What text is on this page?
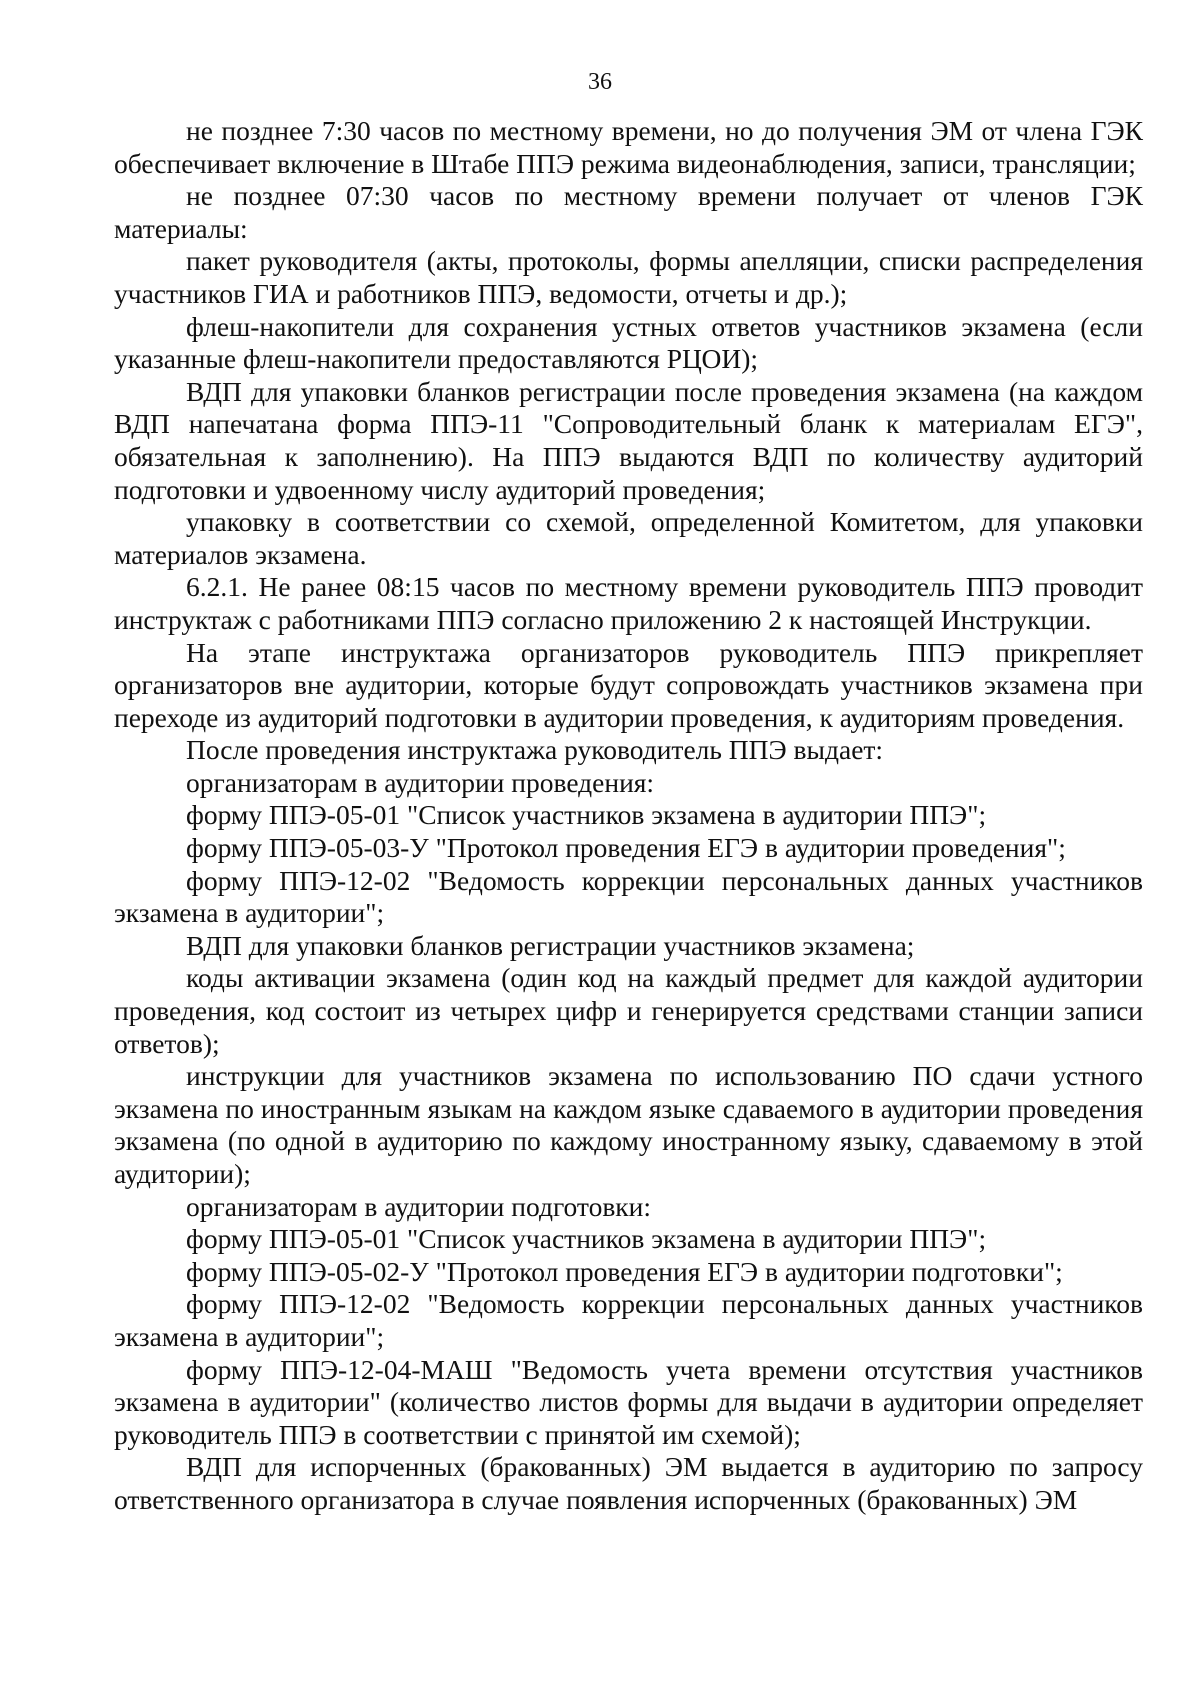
36

не позднее 7:30 часов по местному времени, но до получения ЭМ от члена ГЭК обеспечивает включение в Штабе ППЭ режима видеонаблюдения, записи, трансляции;

не позднее 07:30 часов по местному времени получает от членов ГЭК материалы:

пакет руководителя (акты, протоколы, формы апелляции, списки распределения участников ГИА и работников ППЭ, ведомости, отчеты и др.);

флеш-накопители для сохранения устных ответов участников экзамена (если указанные флеш-накопители предоставляются РЦОИ);

ВДП для упаковки бланков регистрации после проведения экзамена (на каждом ВДП напечатана форма ППЭ-11 "Сопроводительный бланк к материалам ЕГЭ", обязательная к заполнению). На ППЭ выдаются ВДП по количеству аудиторий подготовки и удвоенному числу аудиторий проведения;

упаковку в соответствии со схемой, определенной Комитетом, для упаковки материалов экзамена.

6.2.1. Не ранее 08:15 часов по местному времени руководитель ППЭ проводит инструктаж с работниками ППЭ согласно приложению 2 к настоящей Инструкции.

На этапе инструктажа организаторов руководитель ППЭ прикрепляет организаторов вне аудитории, которые будут сопровождать участников экзамена при переходе из аудиторий подготовки в аудитории проведения, к аудиториям проведения.

После проведения инструктажа руководитель ППЭ выдает:

организаторам в аудитории проведения:

форму ППЭ-05-01 "Список участников экзамена в аудитории ППЭ";

форму ППЭ-05-03-У "Протокол проведения ЕГЭ в аудитории проведения";

форму ППЭ-12-02 "Ведомость коррекции персональных данных участников экзамена в аудитории";

ВДП для упаковки бланков регистрации участников экзамена;

коды активации экзамена (один код на каждый предмет для каждой аудитории проведения, код состоит из четырех цифр и генерируется средствами станции записи ответов);

инструкции для участников экзамена по использованию ПО сдачи устного экзамена по иностранным языкам на каждом языке сдаваемого в аудитории проведения экзамена (по одной в аудиторию по каждому иностранному языку, сдаваемому в этой аудитории);

организаторам в аудитории подготовки:

форму ППЭ-05-01 "Список участников экзамена в аудитории ППЭ";

форму ППЭ-05-02-У "Протокол проведения ЕГЭ в аудитории подготовки";

форму ППЭ-12-02 "Ведомость коррекции персональных данных участников экзамена в аудитории";

форму ППЭ-12-04-МАШ "Ведомость учета времени отсутствия участников экзамена в аудитории" (количество листов формы для выдачи в аудитории определяет руководитель ППЭ в соответствии с принятой им схемой);

ВДП для испорченных (бракованных) ЭМ выдается в аудиторию по запросу ответственного организатора в случае появления испорченных (бракованных) ЭМ
